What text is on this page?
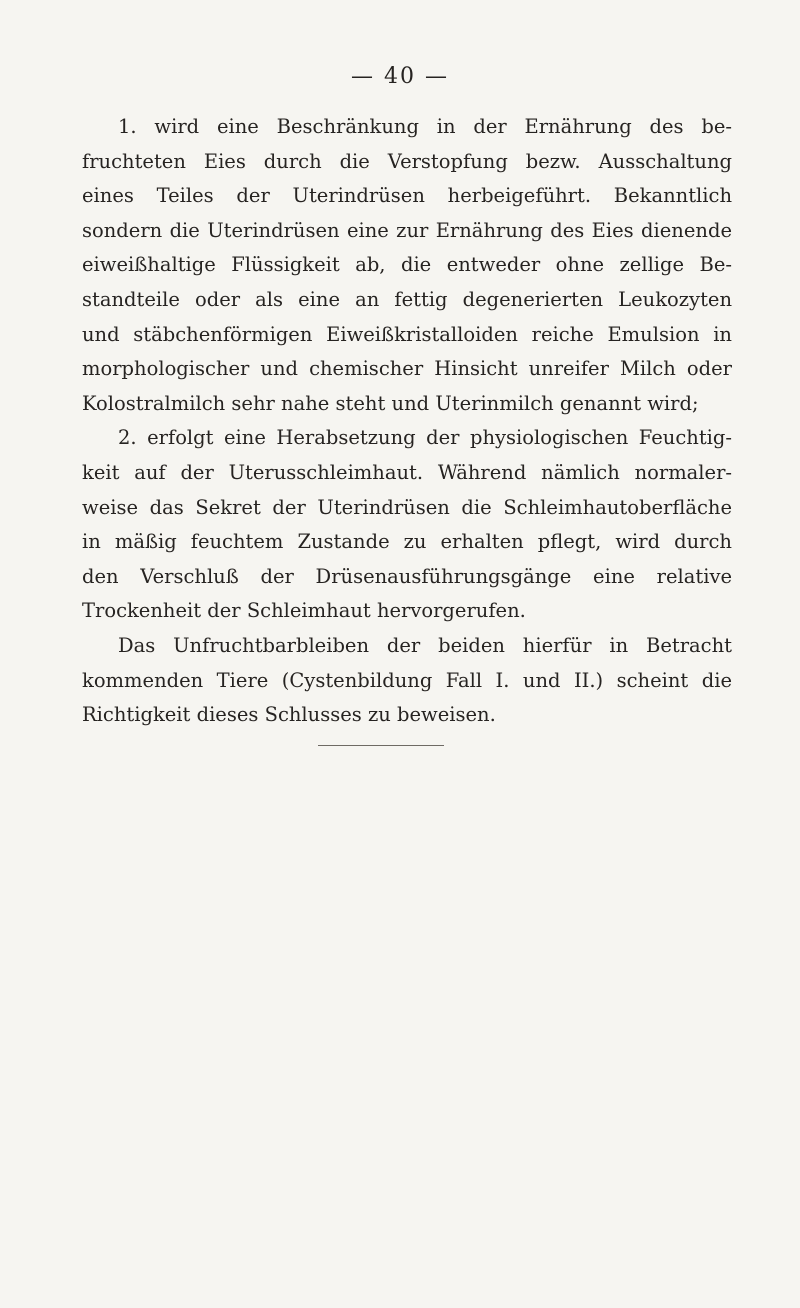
— 40 —
1. wird eine Beschränkung in der Ernährung des be-
fruchteten Eies durch die Verstopfung bezw. Ausschaltung
eines Teiles der Uterindrüsen herbeigeführt. Bekanntlich
sondern die Uterindrüsen eine zur Ernährung des Eies dienende
eiweißhaltige Flüssigkeit ab, die entweder ohne zellige Be-
standteile oder als eine an fettig degenerierten Leukozyten
und stäbchenförmigen Eiweißkristalloiden reiche Emulsion in
morphologischer und chemischer Hinsicht unreifer Milch oder
Kolostralmilch sehr nahe steht und Uterinmilch genannt wird;
2. erfolgt eine Herabsetzung der physiologischen Feuchtig-
keit auf der Uterusschleimhaut. Während nämlich normaler-
weise das Sekret der Uterindrüsen die Schleimhautoberfläche
in mäßig feuchtem Zustande zu erhalten pflegt, wird durch
den Verschluß der Drüsenausführungsgänge eine relative
Trockenheit der Schleimhaut hervorgerufen.
Das Unfruchtbarbleiben der beiden hierfür in Betracht
kommenden Tiere (Cystenbildung Fall I. und II.) scheint die
Richtigkeit dieses Schlusses zu beweisen.
